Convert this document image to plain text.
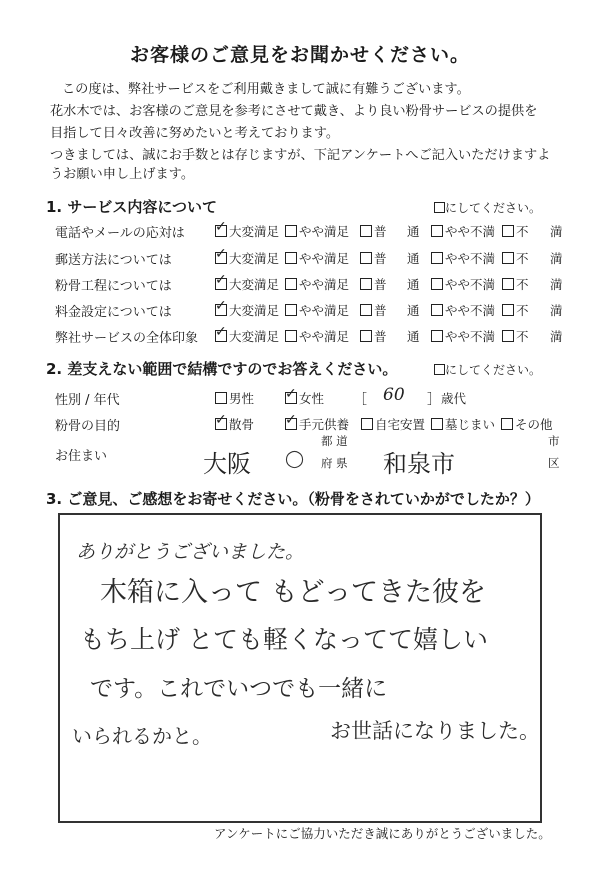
お客様のご意見をお聞かせください。
この度は、弊社サービスをご利用戴きまして誠に有難うございます。
花水木では、お客様のご意見を参考にさせて戴き、より良い粉骨サービスの提供を
目指して日々改善に努めたいと考えております。
つきましては、誠にお手数とは存じますが、下記アンケートへご記入いただけますよ
うお願い申し上げます。
1. サービス内容について	にしてください。
電話やメールの応対は ✓	大変満足	やや満足	普 通	やや不満	不 満
郵送方法については ✓	大変満足	やや満足	普 通	やや不満	不 満
粉骨工程については ✓	大変満足	やや満足	普 通	やや不満	不 満
料金設定については ✓	大変満足	やや満足	普 通	やや不満	不 満
弊社サービスの全体印象 ✓	大変満足	やや満足	普 通	やや不満	不 満
2. 差支えない範囲で結構ですのでお答えください。	にしてください。
性別 / 年代	男性 ✓	女性 ［ 60 ］ 歳代
粉骨の目的 ✓	散骨 ✓	手元供養	自宅安置	墓じまい	その他
お住まい	大阪 ◯
都 道
府 県 和泉市
市
区
3. ご意見、ご感想をお寄せください。（粉骨をされていかがでしたか？）
ありがとうございました。
木箱に入って もどってきた彼を
もち上げ とても軽くなってて嬉しい
です。これでいつでも一緒に
いられるかと。	お世話になりました。
アンケートにご協力いただき誠にありがとうございました。
